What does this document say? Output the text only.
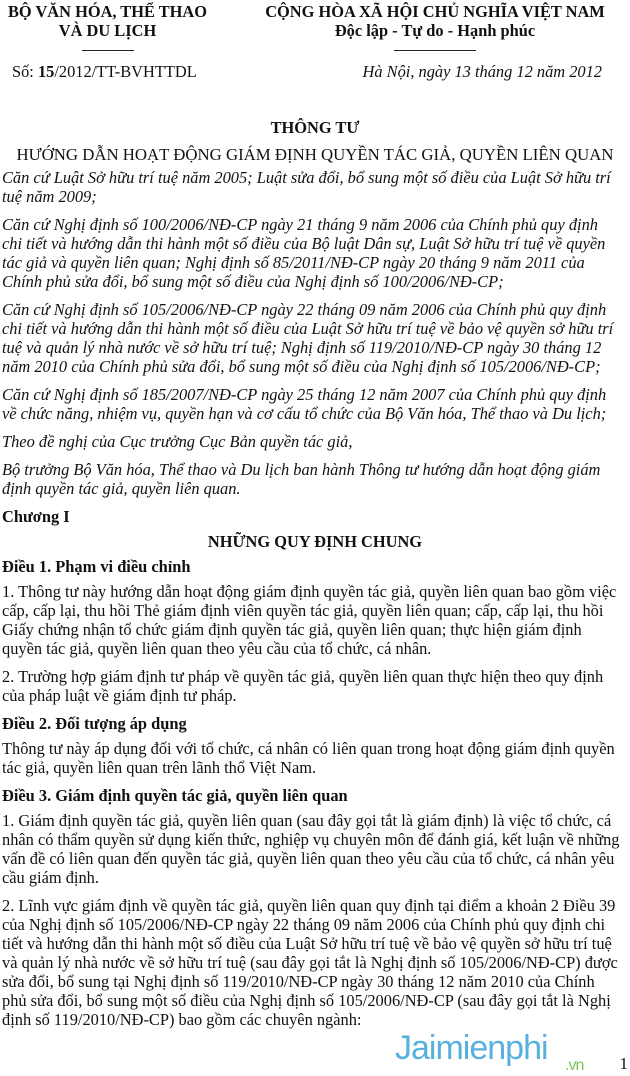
BỘ VĂN HÓA, THỂ THAO
VÀ DU LỊCH
CỘNG HÒA XÃ HỘI CHỦ NGHĨA VIỆT NAM
Độc lập - Tự do - Hạnh phúc
Số: 15/2012/TT-BVHTTDL	Hà Nội, ngày 13 tháng 12 năm 2012
THÔNG TƯ
HƯỚNG DẪN HOẠT ĐỘNG GIÁM ĐỊNH QUYỀN TÁC GIẢ, QUYỀN LIÊN QUAN
Căn cứ Luật Sở hữu trí tuệ năm 2005; Luật sửa đổi, bổ sung một số điều của Luật Sở hữu trí
tuệ năm 2009;
Căn cứ Nghị định số 100/2006/NĐ-CP ngày 21 tháng 9 năm 2006 của Chính phủ quy định
chi tiết và hướng dẫn thi hành một số điều của Bộ luật Dân sự, Luật Sở hữu trí tuệ về quyền
tác giả và quyền liên quan; Nghị định số 85/2011/NĐ-CP ngày 20 tháng 9 năm 2011 của
Chính phủ sửa đổi, bổ sung một số điều của Nghị định số 100/2006/NĐ-CP;
Căn cứ Nghị định số 105/2006/NĐ-CP ngày 22 tháng 09 năm 2006 của Chính phủ quy định
chi tiết và hướng dẫn thi hành một số điều của Luật Sở hữu trí tuệ về bảo vệ quyền sở hữu trí
tuệ và quản lý nhà nước về sở hữu trí tuệ; Nghị định số 119/2010/NĐ-CP ngày 30 tháng 12
năm 2010 của Chính phủ sửa đổi, bổ sung một số điều của Nghị định số 105/2006/NĐ-CP;
Căn cứ Nghị định số 185/2007/NĐ-CP ngày 25 tháng 12 năm 2007 của Chính phủ quy định
về chức năng, nhiệm vụ, quyền hạn và cơ cấu tổ chức của Bộ Văn hóa, Thể thao và Du lịch;
Theo đề nghị của Cục trưởng Cục Bản quyền tác giả,
Bộ trưởng Bộ Văn hóa, Thể thao và Du lịch ban hành Thông tư hướng dẫn hoạt động giám
định quyền tác giả, quyền liên quan.
Chương I
NHỮNG QUY ĐỊNH CHUNG
Điều 1. Phạm vi điều chỉnh
1. Thông tư này hướng dẫn hoạt động giám định quyền tác giả, quyền liên quan bao gồm việc
cấp, cấp lại, thu hồi Thẻ giám định viên quyền tác giả, quyền liên quan; cấp, cấp lại, thu hồi
Giấy chứng nhận tổ chức giám định quyền tác giả, quyền liên quan; thực hiện giám định
quyền tác giả, quyền liên quan theo yêu cầu của tổ chức, cá nhân.
2. Trường hợp giám định tư pháp về quyền tác giả, quyền liên quan thực hiện theo quy định
của pháp luật về giám định tư pháp.
Điều 2. Đối tượng áp dụng
Thông tư này áp dụng đối với tổ chức, cá nhân có liên quan trong hoạt động giám định quyền
tác giả, quyền liên quan trên lãnh thổ Việt Nam.
Điều 3. Giám định quyền tác giả, quyền liên quan
1. Giám định quyền tác giả, quyền liên quan (sau đây gọi tắt là giám định) là việc tổ chức, cá
nhân có thẩm quyền sử dụng kiến thức, nghiệp vụ chuyên môn để đánh giá, kết luận về những
vấn đề có liên quan đến quyền tác giả, quyền liên quan theo yêu cầu của tổ chức, cá nhân yêu
cầu giám định.
2. Lĩnh vực giám định về quyền tác giả, quyền liên quan quy định tại điểm a khoản 2 Điều 39
của Nghị định số 105/2006/NĐ-CP ngày 22 tháng 09 năm 2006 của Chính phủ quy định chi
tiết và hướng dẫn thi hành một số điều của Luật Sở hữu trí tuệ về bảo vệ quyền sở hữu trí tuệ
và quản lý nhà nước về sở hữu trí tuệ (sau đây gọi tắt là Nghị định số 105/2006/NĐ-CP) được
sửa đổi, bổ sung tại Nghị định số 119/2010/NĐ-CP ngày 30 tháng 12 năm 2010 của Chính
phủ sửa đổi, bổ sung một số điều của Nghị định số 105/2006/NĐ-CP (sau đây gọi tắt là Nghị
định số 119/2010/NĐ-CP) bao gồm các chuyên ngành:
Jaimienphi .vn 1
